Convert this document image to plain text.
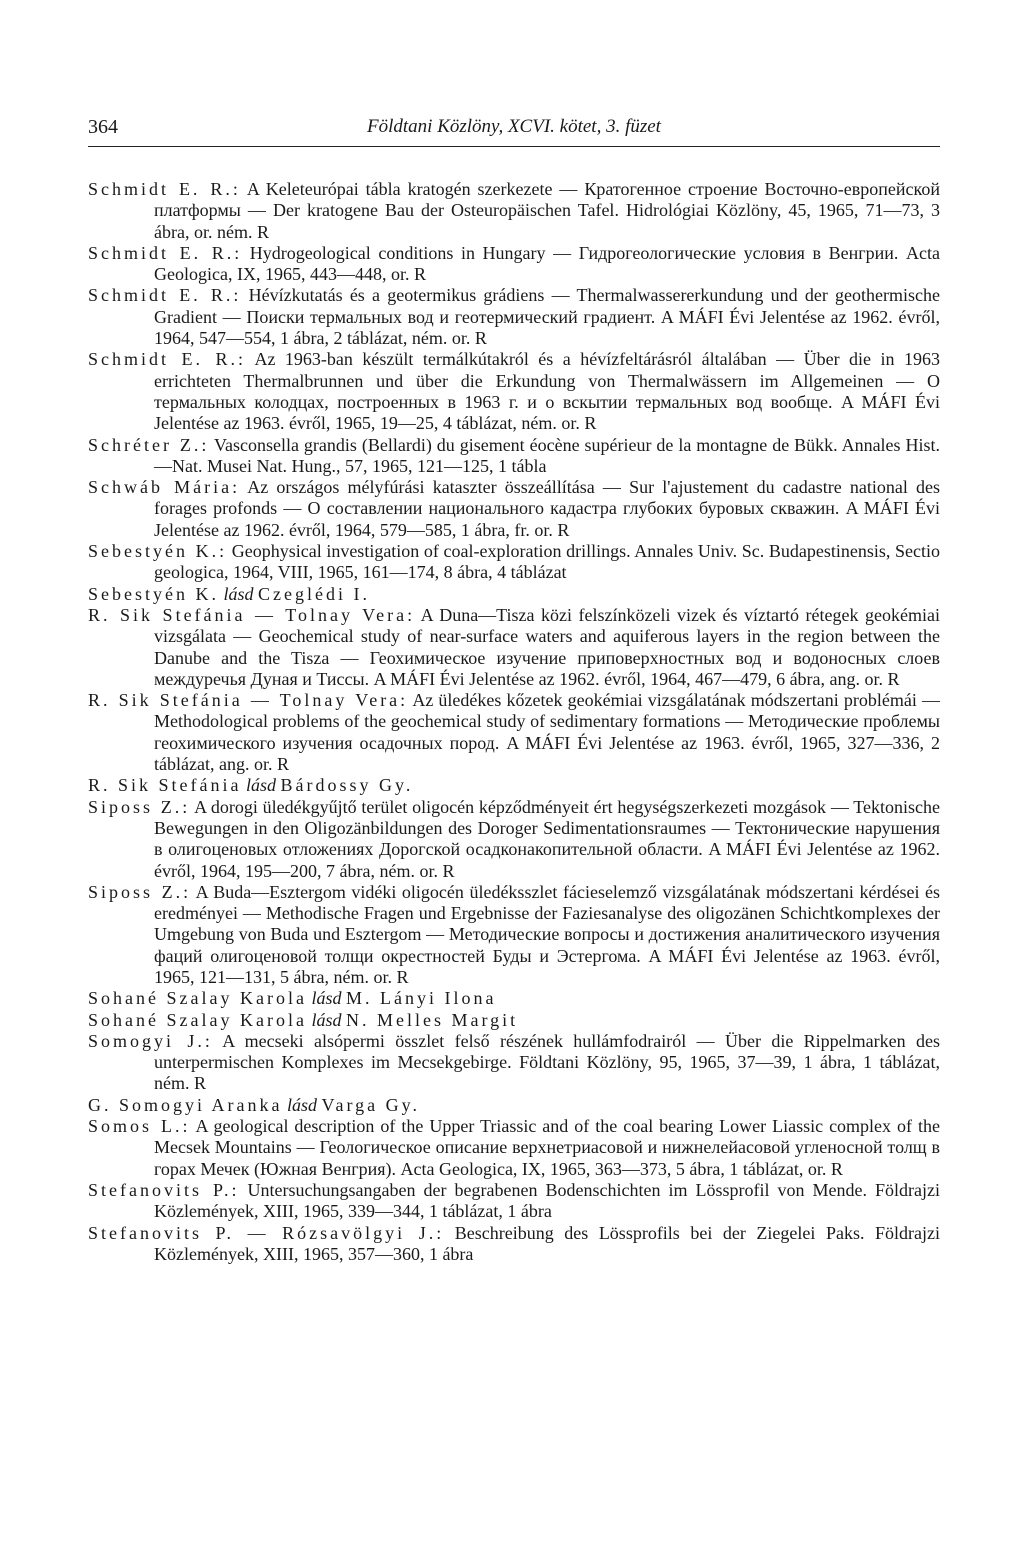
364	Földtani Közlöny, XCVI. kötet, 3. füzet

Schmidt E. R.: A Keleteurópai tábla kratogén szerkezete — Кратогенное строение Восточно-европейской платформы — Der kratogene Bau der Osteuropäischen Tafel. Hidrológiai Közlöny, 45, 1965, 71—73, 3 ábra, or. ném. R

Schmidt E. R.: Hydrogeological conditions in Hungary — Гидрогеологические условия в Венгрии. Acta Geologica, IX, 1965, 443—448, or. R

Schmidt E. R.: Hévízkutatás és a geotermikus grádiens — Thermalwassererkundung und der geothermische Gradient — Поиски термальных вод и геотермический градиент. A MÁFI Évi Jelentése az 1962. évről, 1964, 547—554, 1 ábra, 2 táblázat, ném. or. R

Schmidt E. R.: Az 1963-ban készült termálkútakról és a hévízfeltárásról általában — Über die in 1963 errichteten Thermalbrunnen und über die Erkundung von Thermalwässern im Allgemeinen — О термальных колодцах, построенных в 1963 г. и о вскытии термальных вод вообще. A MÁFI Évi Jelentése az 1963. évről, 1965, 19—25, 4 táblázat, ném. or. R

Schréter Z.: Vasconsella grandis (Bellardi) du gisement éocène supérieur de la montagne de Bükk. Annales Hist.—Nat. Musei Nat. Hung., 57, 1965, 121—125, 1 tábla

Schwáb Mária: Az országos mélyfúrási kataszter összeállítása — Sur l'ajustement du cadastre national des forages profonds — О составлении национального кадастра глубоких буровых скважин. A MÁFI Évi Jelentése az 1962. évről, 1964, 579—585, 1 ábra, fr. or. R

Sebestyén K.: Geophysical investigation of coal-exploration drillings. Annales Univ. Sc. Budapestinensis, Sectio geologica, 1964, VIII, 1965, 161—174, 8 ábra, 4 táblázat

Sebestyén K. lásd Czeglédi I.

R. Sik Stefánia — Tolnay Vera: A Duna—Tisza közi felszínközeli vizek és víztartó rétegek geokémiai vizsgálata — Geochemical study of near-surface waters and aquiferous layers in the region between the Danube and the Tisza — Геохимическое изучение приповерхностных вод и водоносных слоев междуречья Дуная и Тиссы. A MÁFI Évi Jelentése az 1962. évről, 1964, 467—479, 6 ábra, ang. or. R

R. Sik Stefánia — Tolnay Vera: Az üledékes kőzetek geokémiai vizsgálatának módszertani problémái — Methodological problems of the geochemical study of sedimentary formations — Методические проблемы геохимического изучения осадочных пород. A MÁFI Évi Jelentése az 1963. évről, 1965, 327—336, 2 táblázat, ang. or. R

R. Sik Stefánia lásd Bárdossy Gy.

Siposs Z.: A dorogi üledékgyűjtő terület oligocén képződményeit ért hegységszerkezeti mozgások — Tektonische Bewegungen in den Oligozänbildungen des Doroger Sedimentationsraumes — Тектонические нарушения в олигоценовых отложениях Дорогской осадконакопительной области. A MÁFI Évi Jelentése az 1962. évről, 1964, 195—200, 7 ábra, ném. or. R

Siposs Z.: A Buda—Esztergom vidéki oligocén üledéksszlet fácieselemző vizsgálatának módszertani kérdései és eredményei — Methodische Fragen und Ergebnisse der Faziesanalyse des oligozänen Schichtkomplexes der Umgebung von Buda und Esztergom — Методические вопросы и достижения аналитического изучения фаций олигоценовой толщи окрестностей Буды и Эстергома. A MÁFI Évi Jelentése az 1963. évről, 1965, 121—131, 5 ábra, ném. or. R

Sohané Szalay Karola lásd M. Lányi Ilona

Sohané Szalay Karola lásd N. Melles Margit

Somogyi J.: A mecseki alsópermi összlet felső részének hullámfodrairól — Über die Rippelmarken des unterpermischen Komplexes im Mecsekgebirge. Földtani Közlöny, 95, 1965, 37—39, 1 ábra, 1 táblázat, ném. R

G. Somogyi Aranka lásd Varga Gy.

Somos L.: A geological description of the Upper Triassic and of the coal bearing Lower Liassic complex of the Mecsek Mountains — Геологическое описание верхнетриасовой и нижнелейасовой угленосной толщ в горах Мечек (Южная Венгрия). Acta Geologica, IX, 1965, 363—373, 5 ábra, 1 táblázat, or. R

Stefanovits P.: Untersuchungsangaben der begrabenen Bodenschichten im Lössprofil von Mende. Földrajzi Közlemények, XIII, 1965, 339—344, 1 táblázat, 1 ábra

Stefanovits P. — Rózsavölgyi J.: Beschreibung des Lössprofils bei der Ziegelei Paks. Földrajzi Közlemények, XIII, 1965, 357—360, 1 ábra
